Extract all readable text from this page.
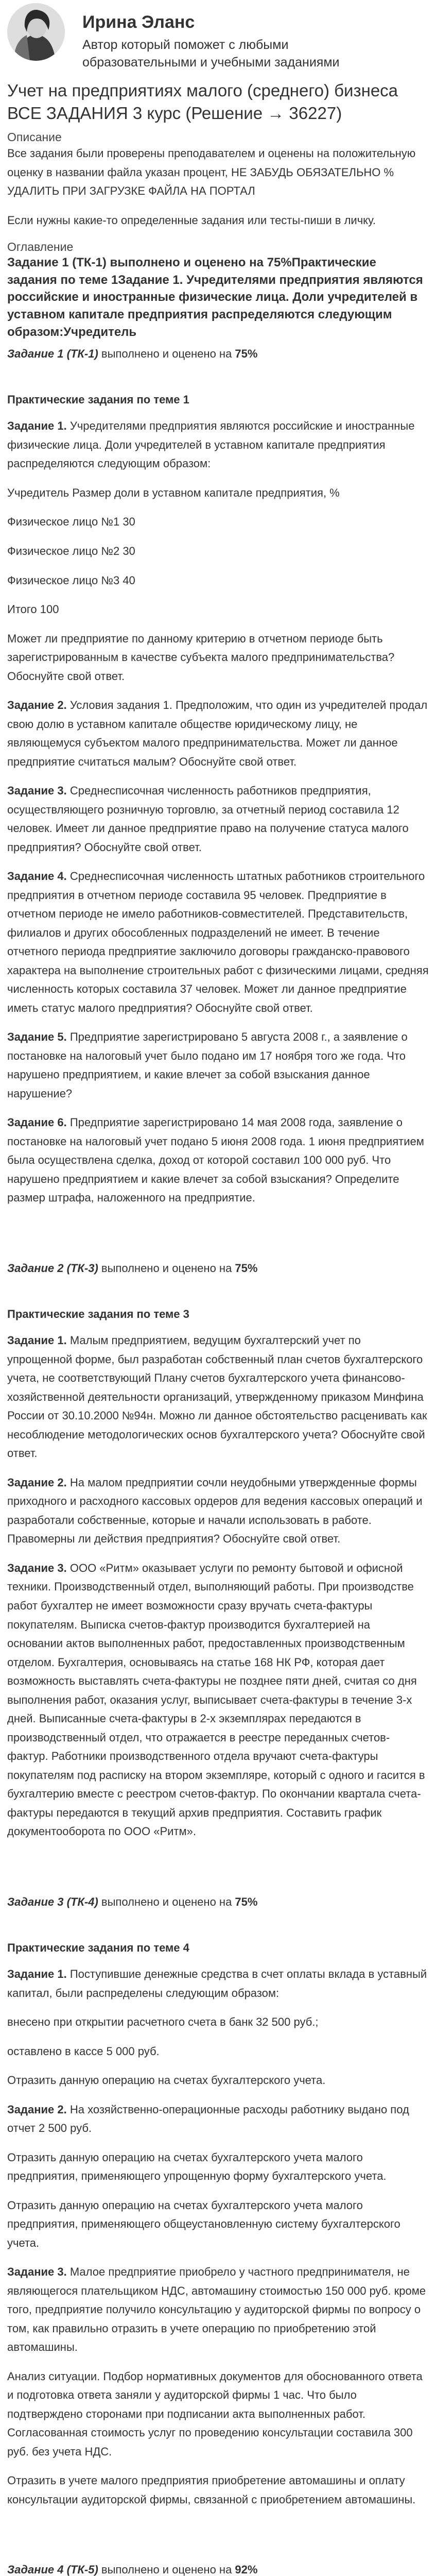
Ирина Эланс
Автор который поможет с любыми образовательными и учебными заданиями
Учет на предприятиях малого (среднего) бизнеса ВСЕ ЗАДАНИЯ 3 курс (Решение → 36227)
Описание

Все задания были проверены преподавателем и оценены на положительную оценку в названии файла указан процент, НЕ ЗАБУДЬ ОБЯЗАТЕЛЬНО % УДАЛИТЬ ПРИ ЗАГРУЗКЕ ФАЙЛА НА ПОРТАЛ

Если нужны какие-то определенные задания или тесты-пиши в личку.

Оглавление

Задание 1 (ТК-1) выполнено и оценено на 75%Практические задания по теме 1Задание 1. Учредителями предприятия являются российские и иностранные физические лица. Доли учредителей в уставном капитале предприятия распределяются следующим образом:Учредитель

Задание 1 (ТК-1) выполнено и оценено на 75%
Практические задания по теме 1

Задание 1. Учредителями предприятия являются российские и иностранные физические лица. Доли учредителей в уставном капитале предприятия распределяются следующим образом:

Учредитель Размер доли в уставном капитале предприятия, %

Физическое лицо №1 30

Физическое лицо №2 30

Физическое лицо №3 40

Итого 100

Может ли предприятие по данному критерию в отчетном периоде быть зарегистрированным в качестве субъекта малого предпринимательства? Обоснуйте свой ответ.

Задание 2. Условия задания 1. Предположим, что один из учредителей продал свою долю в уставном капитале обществе юридическому лицу, не являющемуся субъектом малого предпринимательства. Может ли данное предприятие считаться малым? Обоснуйте свой ответ.

Задание 3. Среднесписочная численность работников предприятия, осуществляющего розничную торговлю, за отчетный период составила 12 человек. Имеет ли данное предприятие право на получение статуса малого предприятия? Обоснуйте свой ответ.

Задание 4. Среднесписочная численность штатных работников строительного предприятия в отчетном периоде составила 95 человек. Предприятие в отчетном периоде не имело работников-совместителей. Представительств, филиалов и других обособленных подразделений не имеет. В течение отчетного периода предприятие заключило договоры гражданско-правового характера на выполнение строительных работ с физическими лицами, средняя численность которых составила 37 человек. Может ли данное предприятие иметь статус малого предприятия? Обоснуйте свой ответ.

Задание 5. Предприятие зарегистрировано 5 августа 2008 г., а заявление о постановке на налоговый учет было подано им 17 ноября того же года. Что нарушено предприятием, и какие влечет за собой взыскания данное нарушение?

Задание 6. Предприятие зарегистрировано 14 мая 2008 года, заявление о постановке на налоговый учет подано 5 июня 2008 года. 1 июня предприятием была осуществлена сделка, доход от которой составил 100 000 руб. Что нарушено предприятием и какие влечет за собой взыскания? Определите размер штрафа, наложенного на предприятие.

Задание 2 (ТК-3) выполнено и оценено на 75%
Практические задания по теме 3

Задание 1. Малым предприятием, ведущим бухгалтерский учет по упрощенной форме, был разработан собственный план счетов бухгалтерского учета, не соответствующий Плану счетов бухгалтерского учета финансово-хозяйственной деятельности организаций, утвержденному приказом Минфина России от 30.10.2000 №94н. Можно ли данное обстоятельство расценивать как несоблюдение методологических основ бухгалтерского учета? Обоснуйте свой ответ.

Задание 2. На малом предприятии сочли неудобными утвержденные формы приходного и расходного кассовых ордеров для ведения кассовых операций и разработали собственные, которые и начали использовать в работе. Правомерны ли действия предприятия? Обоснуйте свой ответ.

Задание 3. ООО «Ритм» оказывает услуги по ремонту бытовой и офисной техники. Производственный отдел, выполняющий работы. При производстве работ бухгалтер не имеет возможности сразу вручать счета-фактуры покупателям. Выписка счетов-фактур производится бухгалтерией на основании актов выполненных работ, предоставленных производственным отделом. Бухгалтерия, основываясь на статье 168 НК РФ, которая дает возможность выставлять счета-фактуры не позднее пяти дней, считая со дня выполнения работ, оказания услуг, выписывает счета-фактуры в течение 3-х дней. Выписанные счета-фактуры в 2-х экземплярах передаются в производственный отдел, что отражается в реестре переданных счетов-фактур. Работники производственного отдела вручают счета-фактуры покупателям под расписку на втором экземпляре, который с одного и гасится в бухгалтерию вместе с реестром счетов-фактур. По окончании квартала счета-фактуры передаются в текущий архив предприятия. Составить график документооборота по ООО «Ритм».

Задание 3 (ТК-4) выполнено и оценено на 75%
Практические задания по теме 4

Задание 1. Поступившие денежные средства в счет оплаты вклада в уставный капитал, были распределены следующим образом:

внесено при открытии расчетного счета в банк 32 500 руб.;

оставлено в кассе 5 000 руб.

Отразить данную операцию на счетах бухгалтерского учета.

Задание 2. На хозяйственно-операционные расходы работнику выдано под отчет 2 500 руб.

Отразить данную операцию на счетах бухгалтерского учета малого предприятия, применяющего упрощенную форму бухгалтерского учета.

Отразить данную операцию на счетах бухгалтерского учета малого предприятия, применяющего общеустановленную систему бухгалтерского учета.

Задание 3. Малое предприятие приобрело у частного предпринимателя, не являющегося плательщиком НДС, автомашину стоимостью 150 000 руб. кроме того, предприятие получило консультацию у аудиторской фирмы по вопросу о том, как правильно отразить в учете операцию по приобретению этой автомашины.

Анализ ситуации. Подбор нормативных документов для обоснованного ответа и подготовка ответа заняли у аудиторской фирмы 1 час. Что было подтверждено сторонами при подписании акта выполненных работ. Согласованная стоимость услуг по проведению консультации составила 300 руб. без учета НДС.

Отразить в учете малого предприятия приобретение автомашины и оплату консультации аудиторской фирмы, связанной с приобретением автомашины.

Задание 4 (ТК-5) выполнено и оценено на 92%
